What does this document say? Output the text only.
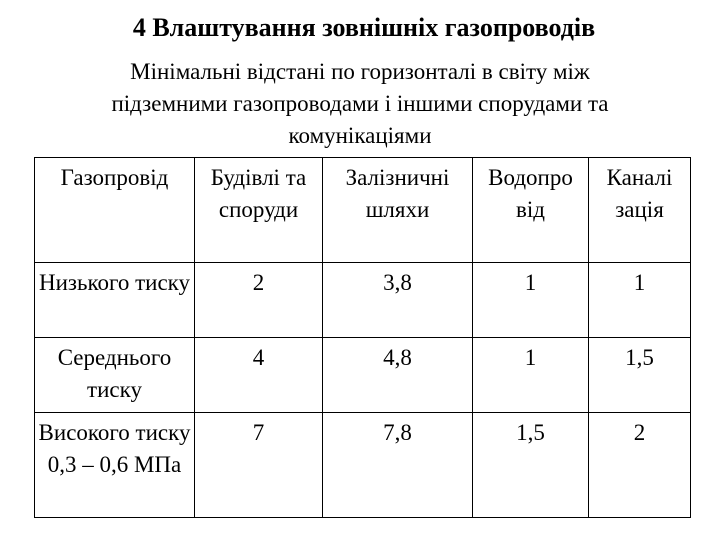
4 Влаштування зовнішніх газопроводів
Мінімальні відстані по горизонталі в світу між
підземними газопроводами і іншими спорудами та
комунікаціями
Газопровід	Будівлі та споруди	Залізничні шляхи	Водопро від	Каналі зація
Низького тиску	2	3,8	1	1
Середнього тиску	4	4,8	1	1,5
Високого тиску 0,3 – 0,6 МПа	7	7,8	1,5	2
